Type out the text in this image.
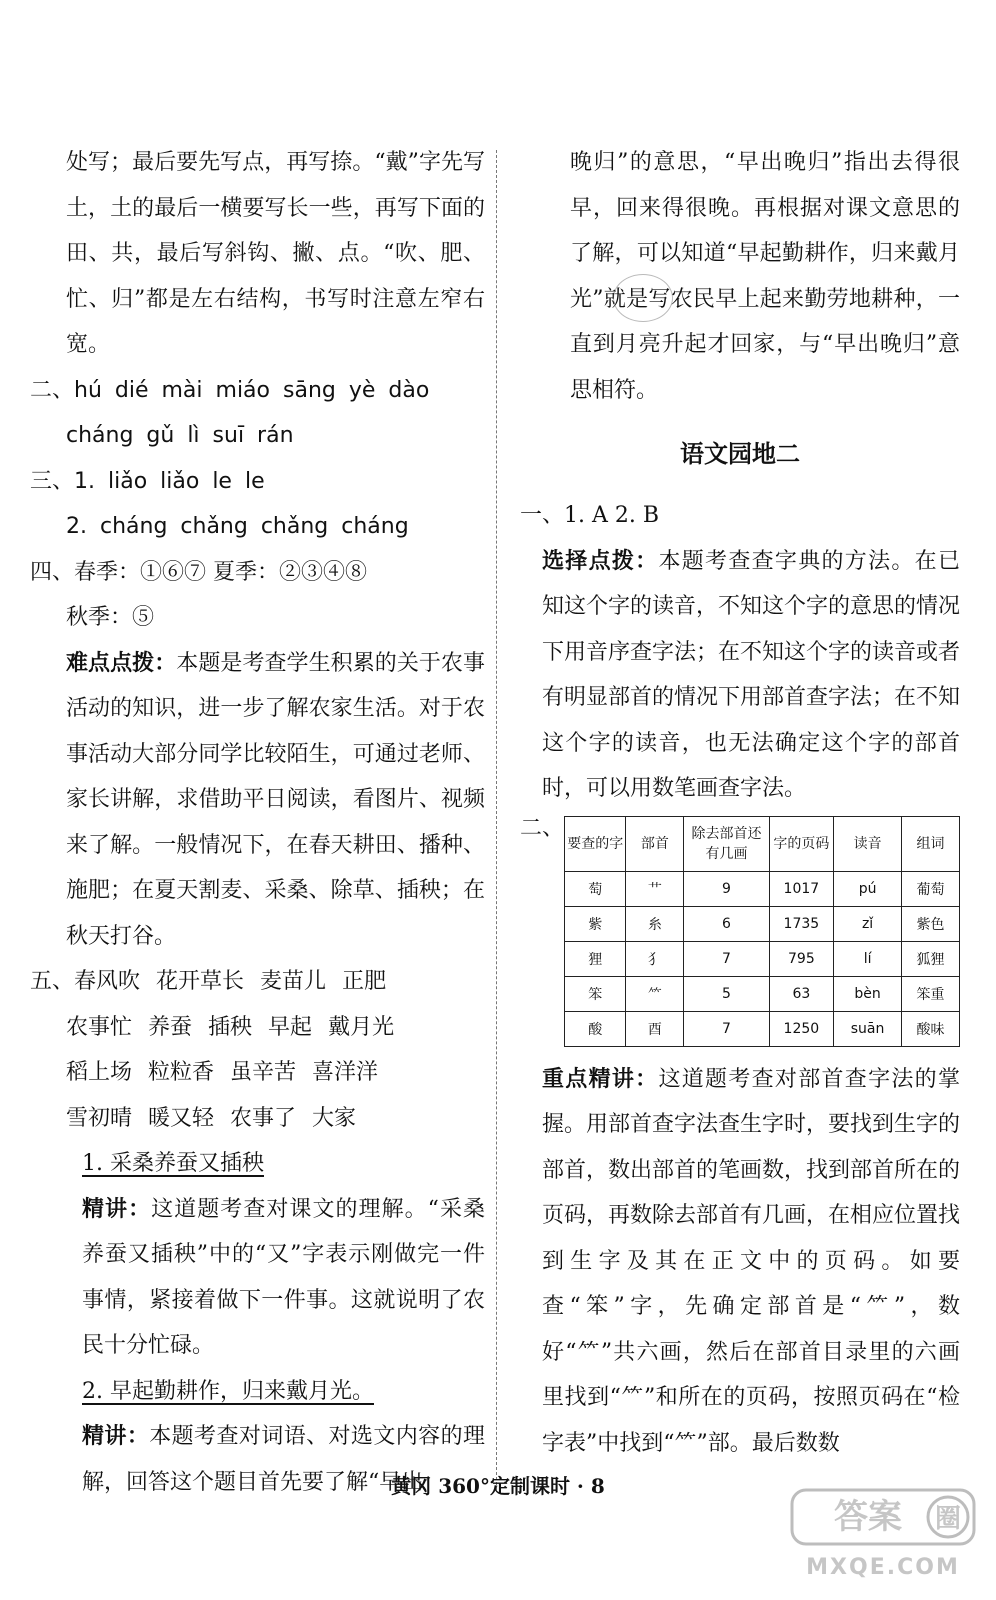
处写；最后要先写点，再写捺。“戴”字先写土，土的最后一横要写长一些，再写下面的田、共，最后写斜钩、撇、点。“吹、肥、忙、归”都是左右结构，书写时注意左窄右宽。

二、hú dié mài miáo sāng yè dào

cháng gǔ lì suī rán

三、1. liǎo liǎo le le

2. cháng chǎng chǎng cháng

四、春季：①⑥⑦ 夏季：②③④⑧

秋季：⑤

难点点拨：本题是考查学生积累的关于农事活动的知识，进一步了解农家生活。对于农事活动大部分同学比较陌生，可通过老师、家长讲解，求借助平日阅读，看图片、视频来了解。一般情况下，在春天耕田、播种、施肥；在夏天割麦、采桑、除草、插秧；在秋天打谷。

五、春风吹 花开草长 麦苗儿 正肥

农事忙 养蚕 插秧 早起 戴月光

稻上场 粒粒香 虽辛苦 喜洋洋

雪初晴 暖又轻 农事了 大家

1. 采桑养蚕又插秧

精讲：这道题考查对课文的理解。“采桑养蚕又插秧”中的“又”字表示刚做完一件事情，紧接着做下一件事。这就说明了农民十分忙碌。

2. 早起勤耕作，归来戴月光。

精讲：本题考查对词语、对选文内容的理解，回答这个题目首先要了解“早出

晚归”的意思，“早出晚归”指出去得很早，回来得很晚。再根据对课文意思的了解，可以知道“早起勤耕作，归来戴月光”就是写农民早上起来勤劳地耕种，一直到月亮升起才回家，与“早出晚归”意思相符。

语文园地二

一、1. A 2. B

选择点拨：本题考查查字典的方法。在已知这个字的读音，不知这个字的意思的情况下用音序查字法；在不知这个字的读音或者有明显部首的情况下用部首查字法；在不知这个字的读音，也无法确定这个字的部首时，可以用数笔画查字法。

二、
要查的字	部首	除去部首还有几画	字的页码	读音	组词
萄	艹	9	1017	pú	葡萄
紫	糸	6	1735	zǐ	紫色
狸	犭	7	795	lí	狐狸
笨	⺮	5	63	bèn	笨重
酸	酉	7	1250	suān	酸味

重点精讲：这道题考查对部首查字法的掌握。用部首查字法查生字时，要找到生字的部首，数出部首的笔画数，找到部首所在的页码，再数除去部首有几画，在相应位置找到生字及其在正文中的页码。如要查“笨”字，先确定部首是“⺮”，数好“⺮”共六画，然后在部首目录里的六画里找到“⺮”和所在的页码，按照页码在“检字表”中找到“⺮”部。最后数数

黄冈 360°定制课时 · 8
答案 圈
MXQE.COM
